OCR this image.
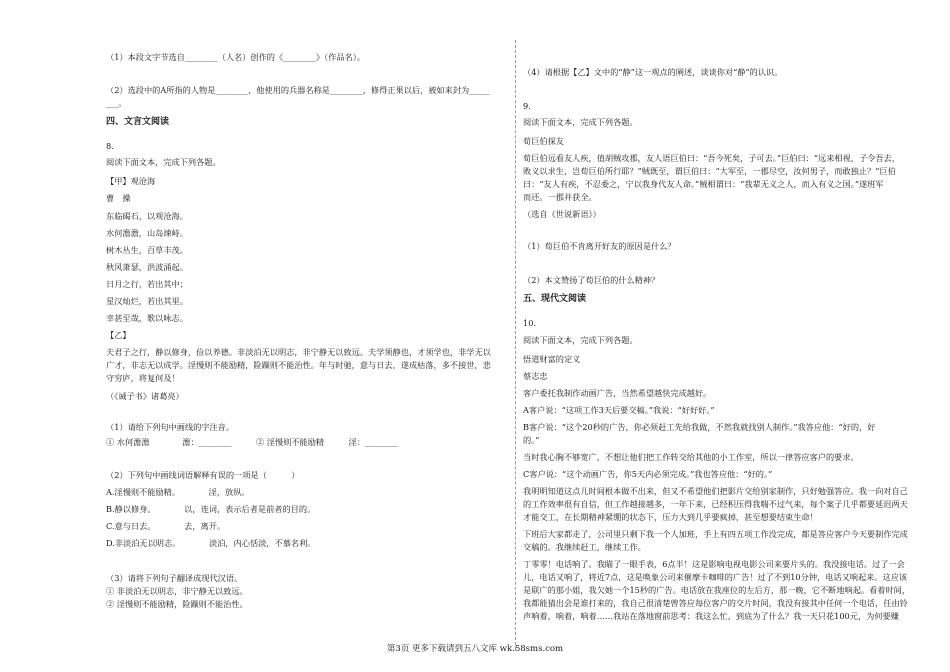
（1）本段文字节选自________（人名）创作的《________》（作品名）。
（2）选段中的A所指的人物是________，他使用的兵器名称是________，修得正果以后，被如来封为_____
___。
四、文言文阅读
8.
阅读下面文本，完成下列各题。
【甲】观沧海
曹　操
东临碣石，以观沧海。
水何澹澹，山岛竦峙。
树木丛生，百草丰茂。
秋风萧瑟，洪波涌起。
日月之行，若出其中；
星汉灿烂，若出其里。
幸甚至哉，歌以咏志。
【乙】
夫君子之行，静以修身，俭以养德。非淡泊无以明志，非宁静无以致远。夫学须静也，才须学也，非学无以
广才，非志无以成学。淫慢则不能励精，险躁则不能治性。年与时驰，意与日去，遂成枯落，多不接世，悲
守穷庐，将复何及！
（《诫子书》诸葛亮）
（1）请给下列句中画线的字注音。
① 水何澹澹　　　　澹：________　　　② 淫慢则不能励精　　　淫：________
（2）下列句中画线词语解释有误的一项是（　　　）
A.淫慢则不能励精。　　　　淫，放纵。
B.静以修身。　　　　以，连词，表示后者是前者的目的。
C.意与日去。　　　　去，离开。
D.非淡泊无以明志。　　　　淡泊，内心恬淡，不慕名利。
（3）请将下列句子翻译成现代汉语。
① 非淡泊无以明志，非宁静无以致远。
② 淫慢则不能励精，险躁则不能治性。
（4）请根据【乙】文中的“静”这一观点的阐述，谈谈你对“静”的认识。
9.
阅读下面文本，完成下列各题。
荀巨伯探友
荀巨伯远看友人疾，值胡贼攻郡，友人语巨伯曰：“吾今死矣，子可去。”巨伯曰：“远来相视，子令吾去，
败义以求生，岂荀巨伯所行耶？”贼既至，谓巨伯曰：“大军至，一郡尽空，汝何男子，而敢独止？”巨伯
曰：“友人有疾，不忍委之，宁以我身代友人命。”贼相谓曰：“我辈无义之人，而入有义之国。”遂班军
而还。一郡并获全。
（选自《世说新语》）
（1）荀巨伯不肯离开好友的原因是什么？
（2）本文赞扬了荀巨伯的什么精神？
五、现代文阅读
10.
阅读下面文本，完成下列各题。
悟道财富的定义
蔡志忠
客户委托我制作动画广告，当然希望越快完成越好。
A客户说：“这项工作3天后要交稿。”我说：“好好好。”
B客户说：“这个20秒的广告，你必须赶工先给我做，不然我就找别人制作。”我答应他：“好的，好
的。”
当时我心胸不够宽广，不想让他们把工作转交给其他的小工作室，所以一律答应客户的要求。
C客户说：“这个动画广告，你5天内必须完成。”我也答应他：“好的。”
我明明知道这点儿时间根本做不出来，但又不希望他们把影片交给别家制作，只好勉强答应。我一向对自己
的工作效率很有自信，但工作越接越多，一年下来，已经积压得我喘不过气来，每个案子几乎都要延迟两天
才能交工，在长期精神紧绷的状态下，压力大到几乎要疯掉，甚至想要结束生命！
下班后大家都走了，公司里只剩下我一个人加班，手上有四五项工作没完成，都是答应客户今天要制作完成
交稿的。我继续赶工，继续工作。
丁零零！电话响了。我瞄了一眼手表，6点半！这是影响电视电影公司来要片头的。我没接电话。过了一会
儿，电话又响了，将近7点，这是唤象公司来催摩卡咖啡的广告！过了不到10分钟，电话又响起来。这应该
是联广的那小姐，我欠她一个15秒的广告。电话放在我座位的左后方，那一晚，它不断地响起。看着时间，
我都能猜出会是谁打来的，我自己很清楚曾答应每位客户的交片时间，我没有接其中任何一个电话，任由铃
声响着，响着，响着……我站在落地窗前思考：我这么忙，到底为了什么？我一天只花100元，为何要赚
第3页 更多下载请到五八文库 wk.58sms.com
